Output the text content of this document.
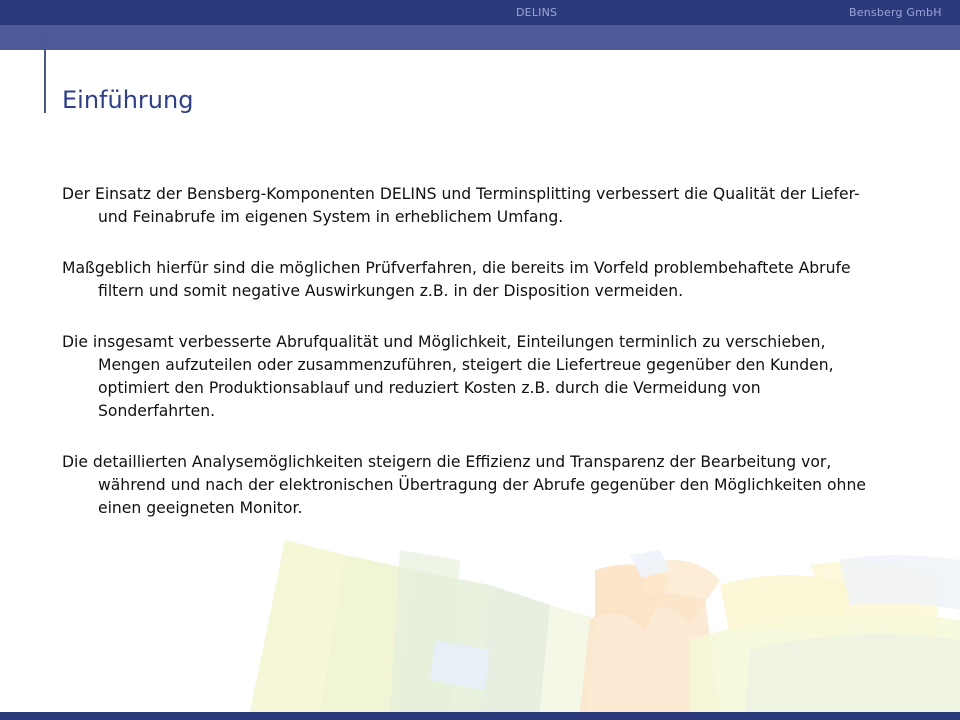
DELINS	Bensberg GmbH
Einführung

Der Einsatz der Bensberg-Komponenten DELINS und Terminsplitting verbessert die Qualität der Liefer- und Feinabrufe im eigenen System in erheblichem Umfang.

Maßgeblich hierfür sind die möglichen Prüfverfahren, die bereits im Vorfeld problembehaftete Abrufe filtern und somit negative Auswirkungen z.B. in der Disposition vermeiden.

Die insgesamt verbesserte Abrufqualität und Möglichkeit, Einteilungen terminlich zu verschieben, Mengen aufzuteilen oder zusammenzuführen, steigert die Liefertreue gegenüber den Kunden, optimiert den Produktionsablauf und reduziert Kosten z.B. durch die Vermeidung von Sonderfahrten.

Die detaillierten Analysemöglichkeiten steigern die Effizienz und Transparenz der Bearbeitung vor, während und nach der elektronischen Übertragung der Abrufe gegenüber den Möglichkeiten ohne einen geeigneten Monitor.
